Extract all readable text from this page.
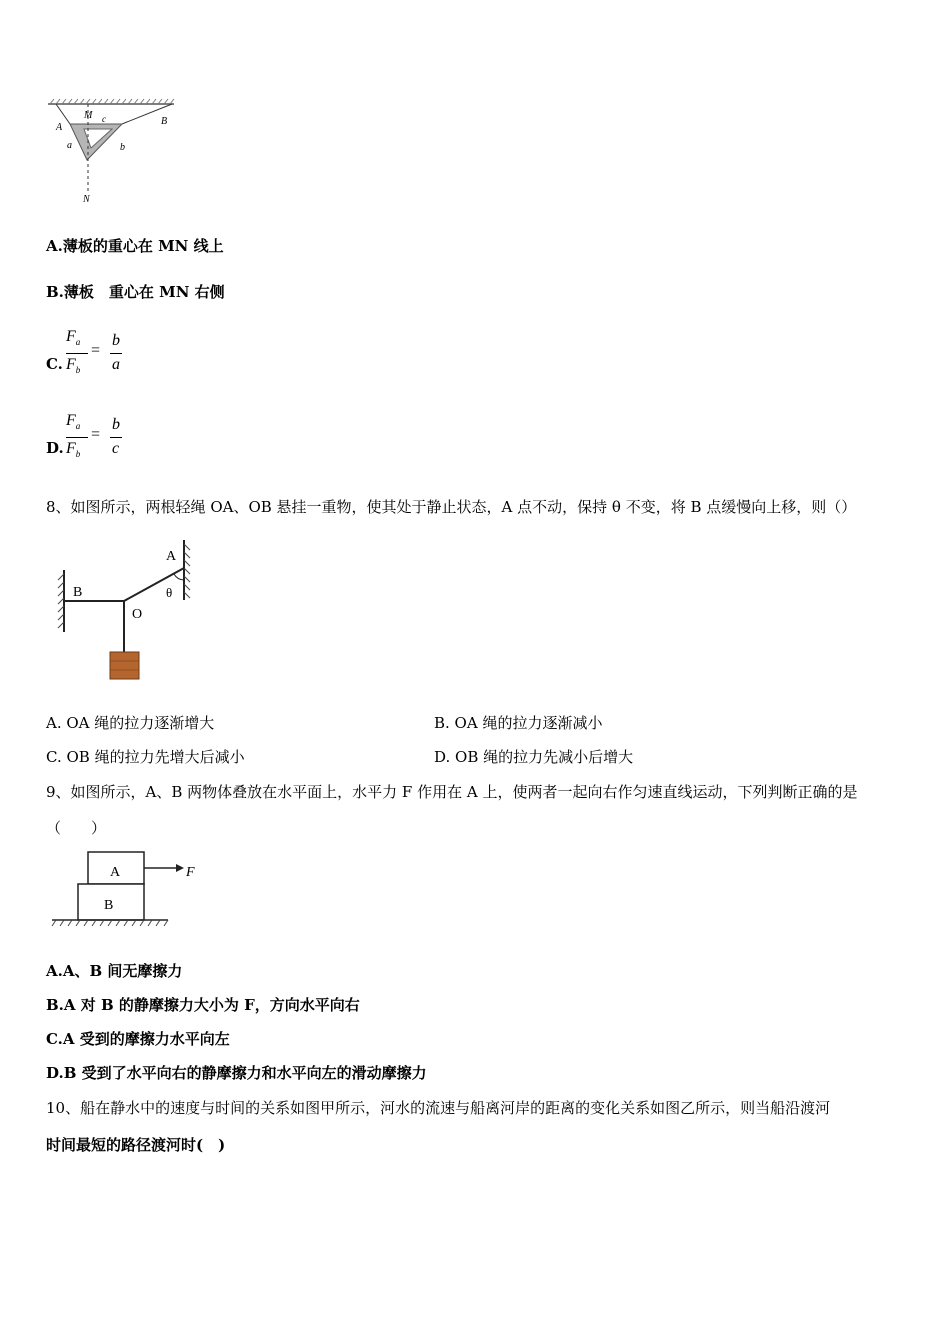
M c
A
B
a	b
N
A.薄板的重心在 MN 线上
B.薄板　重心在 MN 右侧
C.
$F_a$
$F_b$
=
b
a
D.
$F_a$
$F_b$
=
b
c
8、如图所示，两根轻绳 OA、OB 悬挂一重物，使其处于静止状态，A 点不动，保持 θ 不变，将 B 点缓慢向上移，则（）
B
O
A
θ
A. OA 绳的拉力逐渐增大	B. OA 绳的拉力逐渐减小
C. OB 绳的拉力先增大后减小	D. OB 绳的拉力先减小后增大
9、如图所示，A、B 两物体叠放在水平面上，水平力 F 作用在 A 上，使两者一起向右作匀速直线运动，下列判断正确的是
（　　）
A
B
F
A.A、B 间无摩擦力
B.A 对 B 的静摩擦力大小为 F，方向水平向右
C.A 受到的摩擦力水平向左
D.B 受到了水平向右的静摩擦力和水平向左的滑动摩擦力
10、船在静水中的速度与时间的关系如图甲所示，河水的流速与船离河岸的距离的变化关系如图乙所示，则当船沿渡河
时间最短的路径渡河时(　)
